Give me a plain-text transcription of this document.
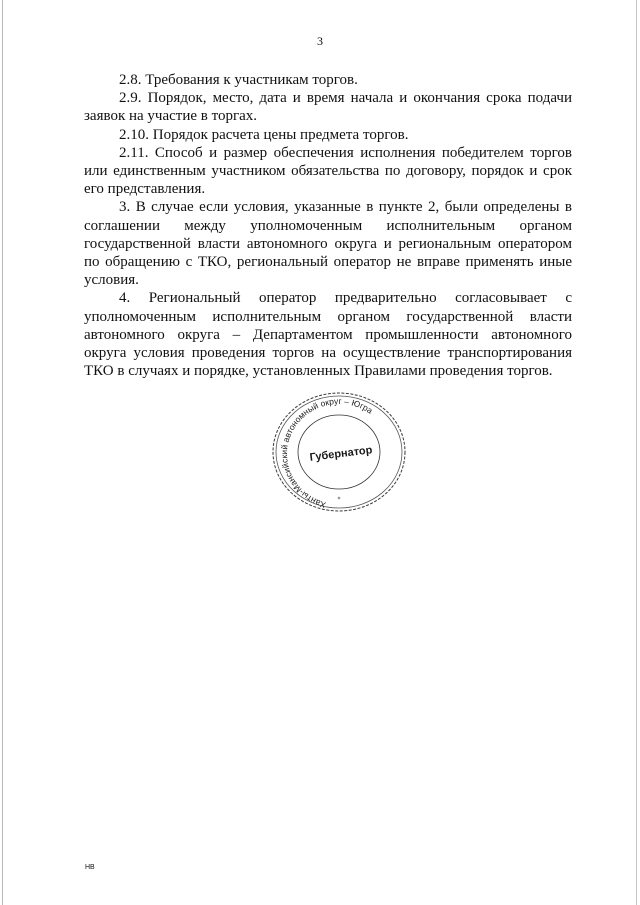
3

2.8. Требования к участникам торгов.

2.9. Порядок, место, дата и время начала и окончания срока подачи заявок на участие в торгах.

2.10. Порядок расчета цены предмета торгов.

2.11. Способ и размер обеспечения исполнения победителем торгов или единственным участником обязательства по договору, порядок и срок его представления.

3. В случае если условия, указанные в пункте 2, были определены в соглашении между уполномоченным исполнительным органом государственной власти автономного округа и региональным оператором по обращению с ТКО, региональный оператор не вправе применять иные условия.

4. Региональный оператор предварительно согласовывает с уполномоченным исполнительным органом государственной власти автономного округа – Департаментом промышленности автономного округа условия проведения торгов на осуществление транспортирования ТКО в случаях и порядке, установленных Правилами проведения торгов.

Ханты-Мансийский автономный округ – Югра
Губернатор
*
НВ
